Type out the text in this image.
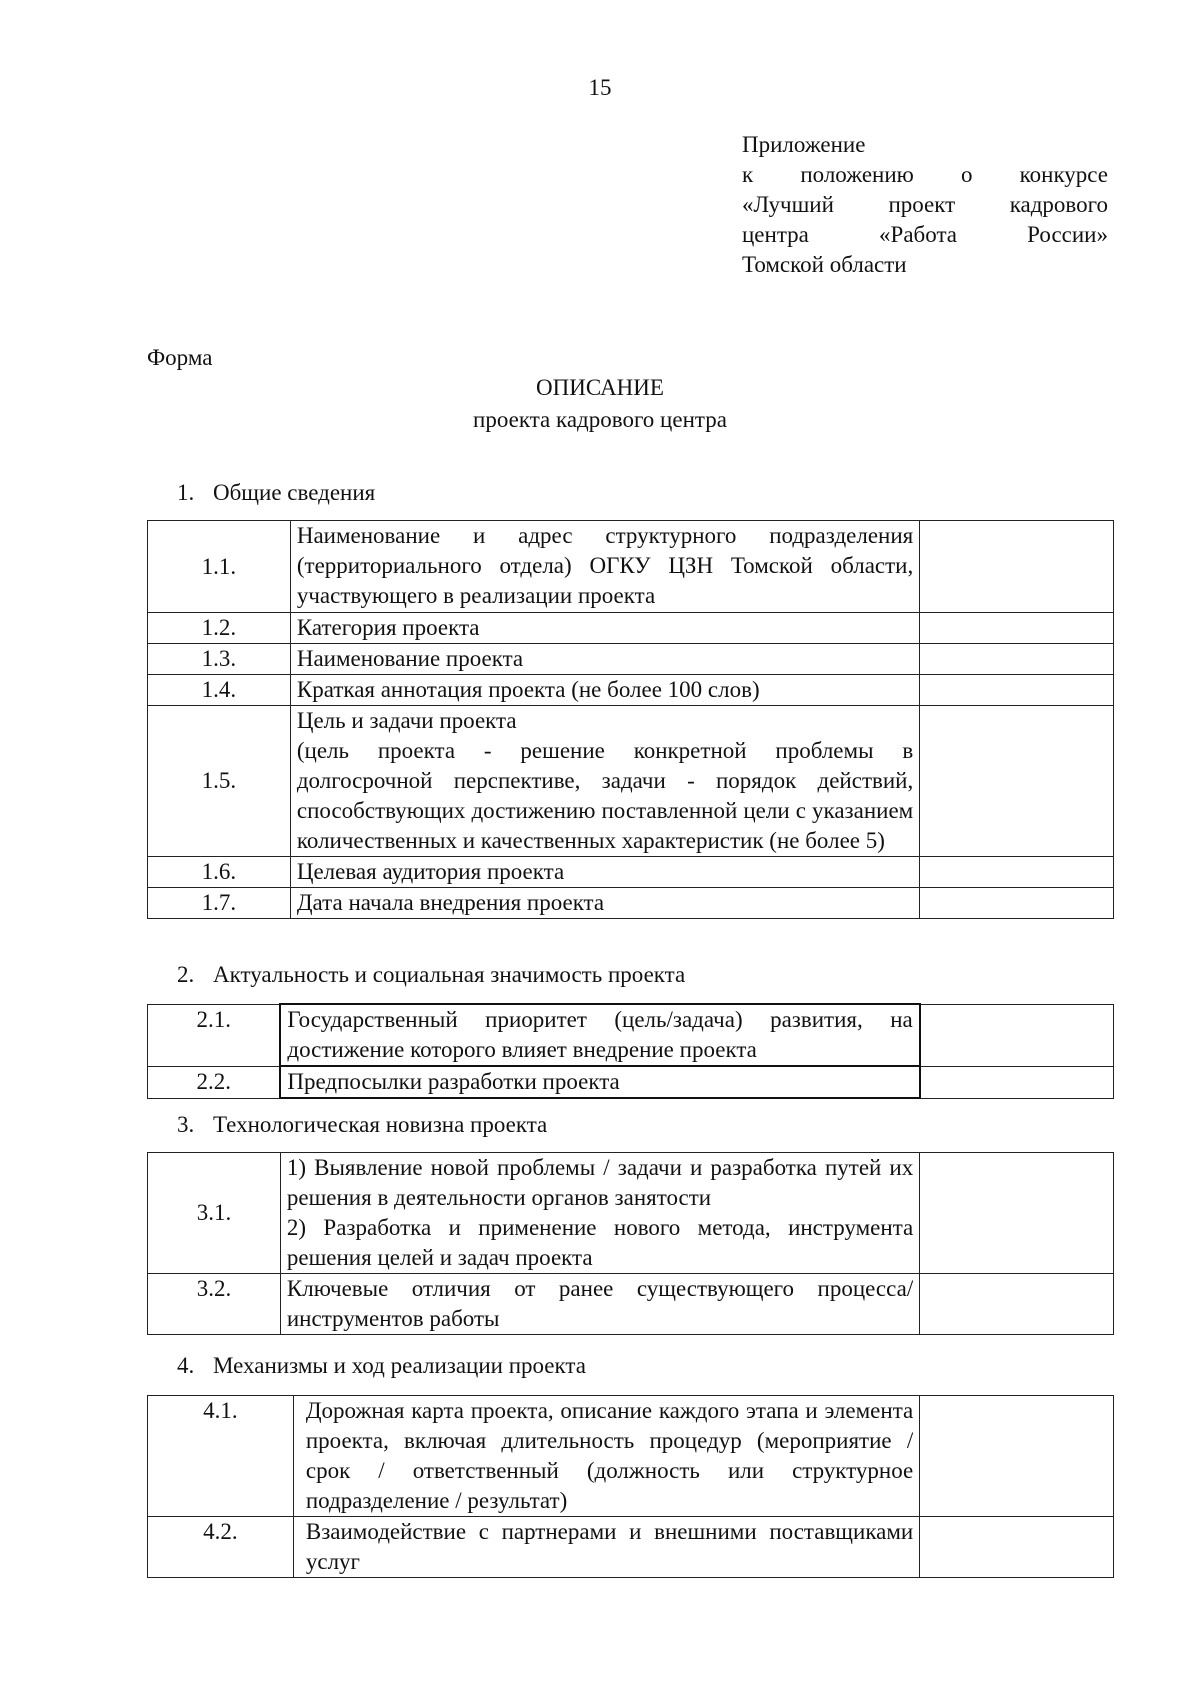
15
Приложение
к положению о конкурсе
«Лучший проект кадрового
центра «Работа России»
Томской области
Форма
ОПИСАНИЕ
проекта кадрового центра
1. Общие сведения
1.1.	Наименование и адрес структурного подразделения (территориального отдела) ОГКУ ЦЗН Томской области, участвующего в реализации проекта	
1.2.	Категория проекта	
1.3.	Наименование проекта	
1.4.	Краткая аннотация проекта (не более 100 слов)	
1.5.	Цель и задачи проекта
(цель проекта - решение конкретной проблемы в долгосрочной перспективе, задачи - порядок действий, способствующих достижению поставленной цели с указанием количественных и качественных характеристик (не более 5)	

1.6.	Целевая аудитория проекта	
1.7.	Дата начала внедрения проекта	
2. Актуальность и социальная значимость проекта
2.1.	Государственный приоритет (цель/задача) развития, на достижение которого влияет внедрение проекта	
2.2.	Предпосылки разработки проекта	
3. Технологическая новизна проекта
3.1.	1) Выявление новой проблемы / задачи и разработка путей их решения в деятельности органов занятости
2) Разработка и применение нового метода, инструмента решения целей и задач проекта	

3.2.	Ключевые отличия от ранее существующего процесса/инструментов работы	
4. Механизмы и ход реализации проекта
4.1.	Дорожная карта проекта, описание каждого этапа и элемента проекта, включая длительность процедур (мероприятие / срок / ответственный (должность или структурное подразделение / результат)	
4.2.	Взаимодействие с партнерами и внешними поставщиками услуг	
